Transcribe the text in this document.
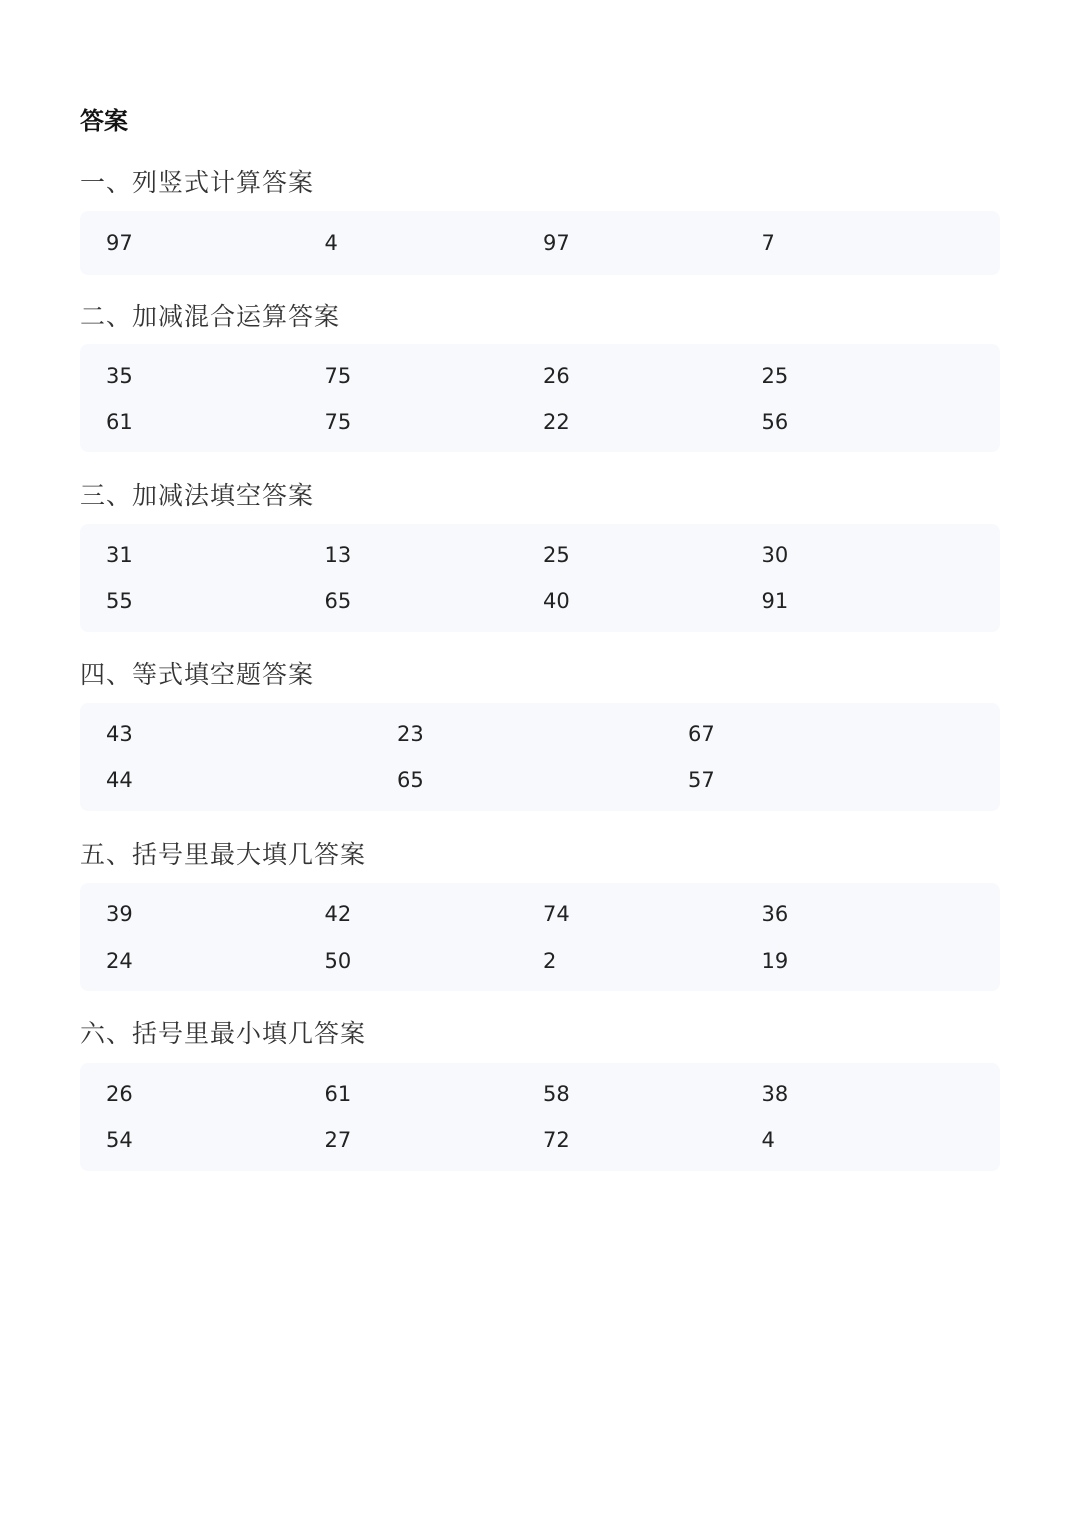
答案
一、列竖式计算答案
97	4	97	7
二、加减混合运算答案
35	75	26	25
61	75	22	56
三、加减法填空答案
31	13	25	30
55	65	40	91
四、等式填空题答案
43	23	67
44	65	57
五、括号里最大填几答案
39	42	74	36
24	50	2	19
六、括号里最小填几答案
26	61	58	38
54	27	72	4
